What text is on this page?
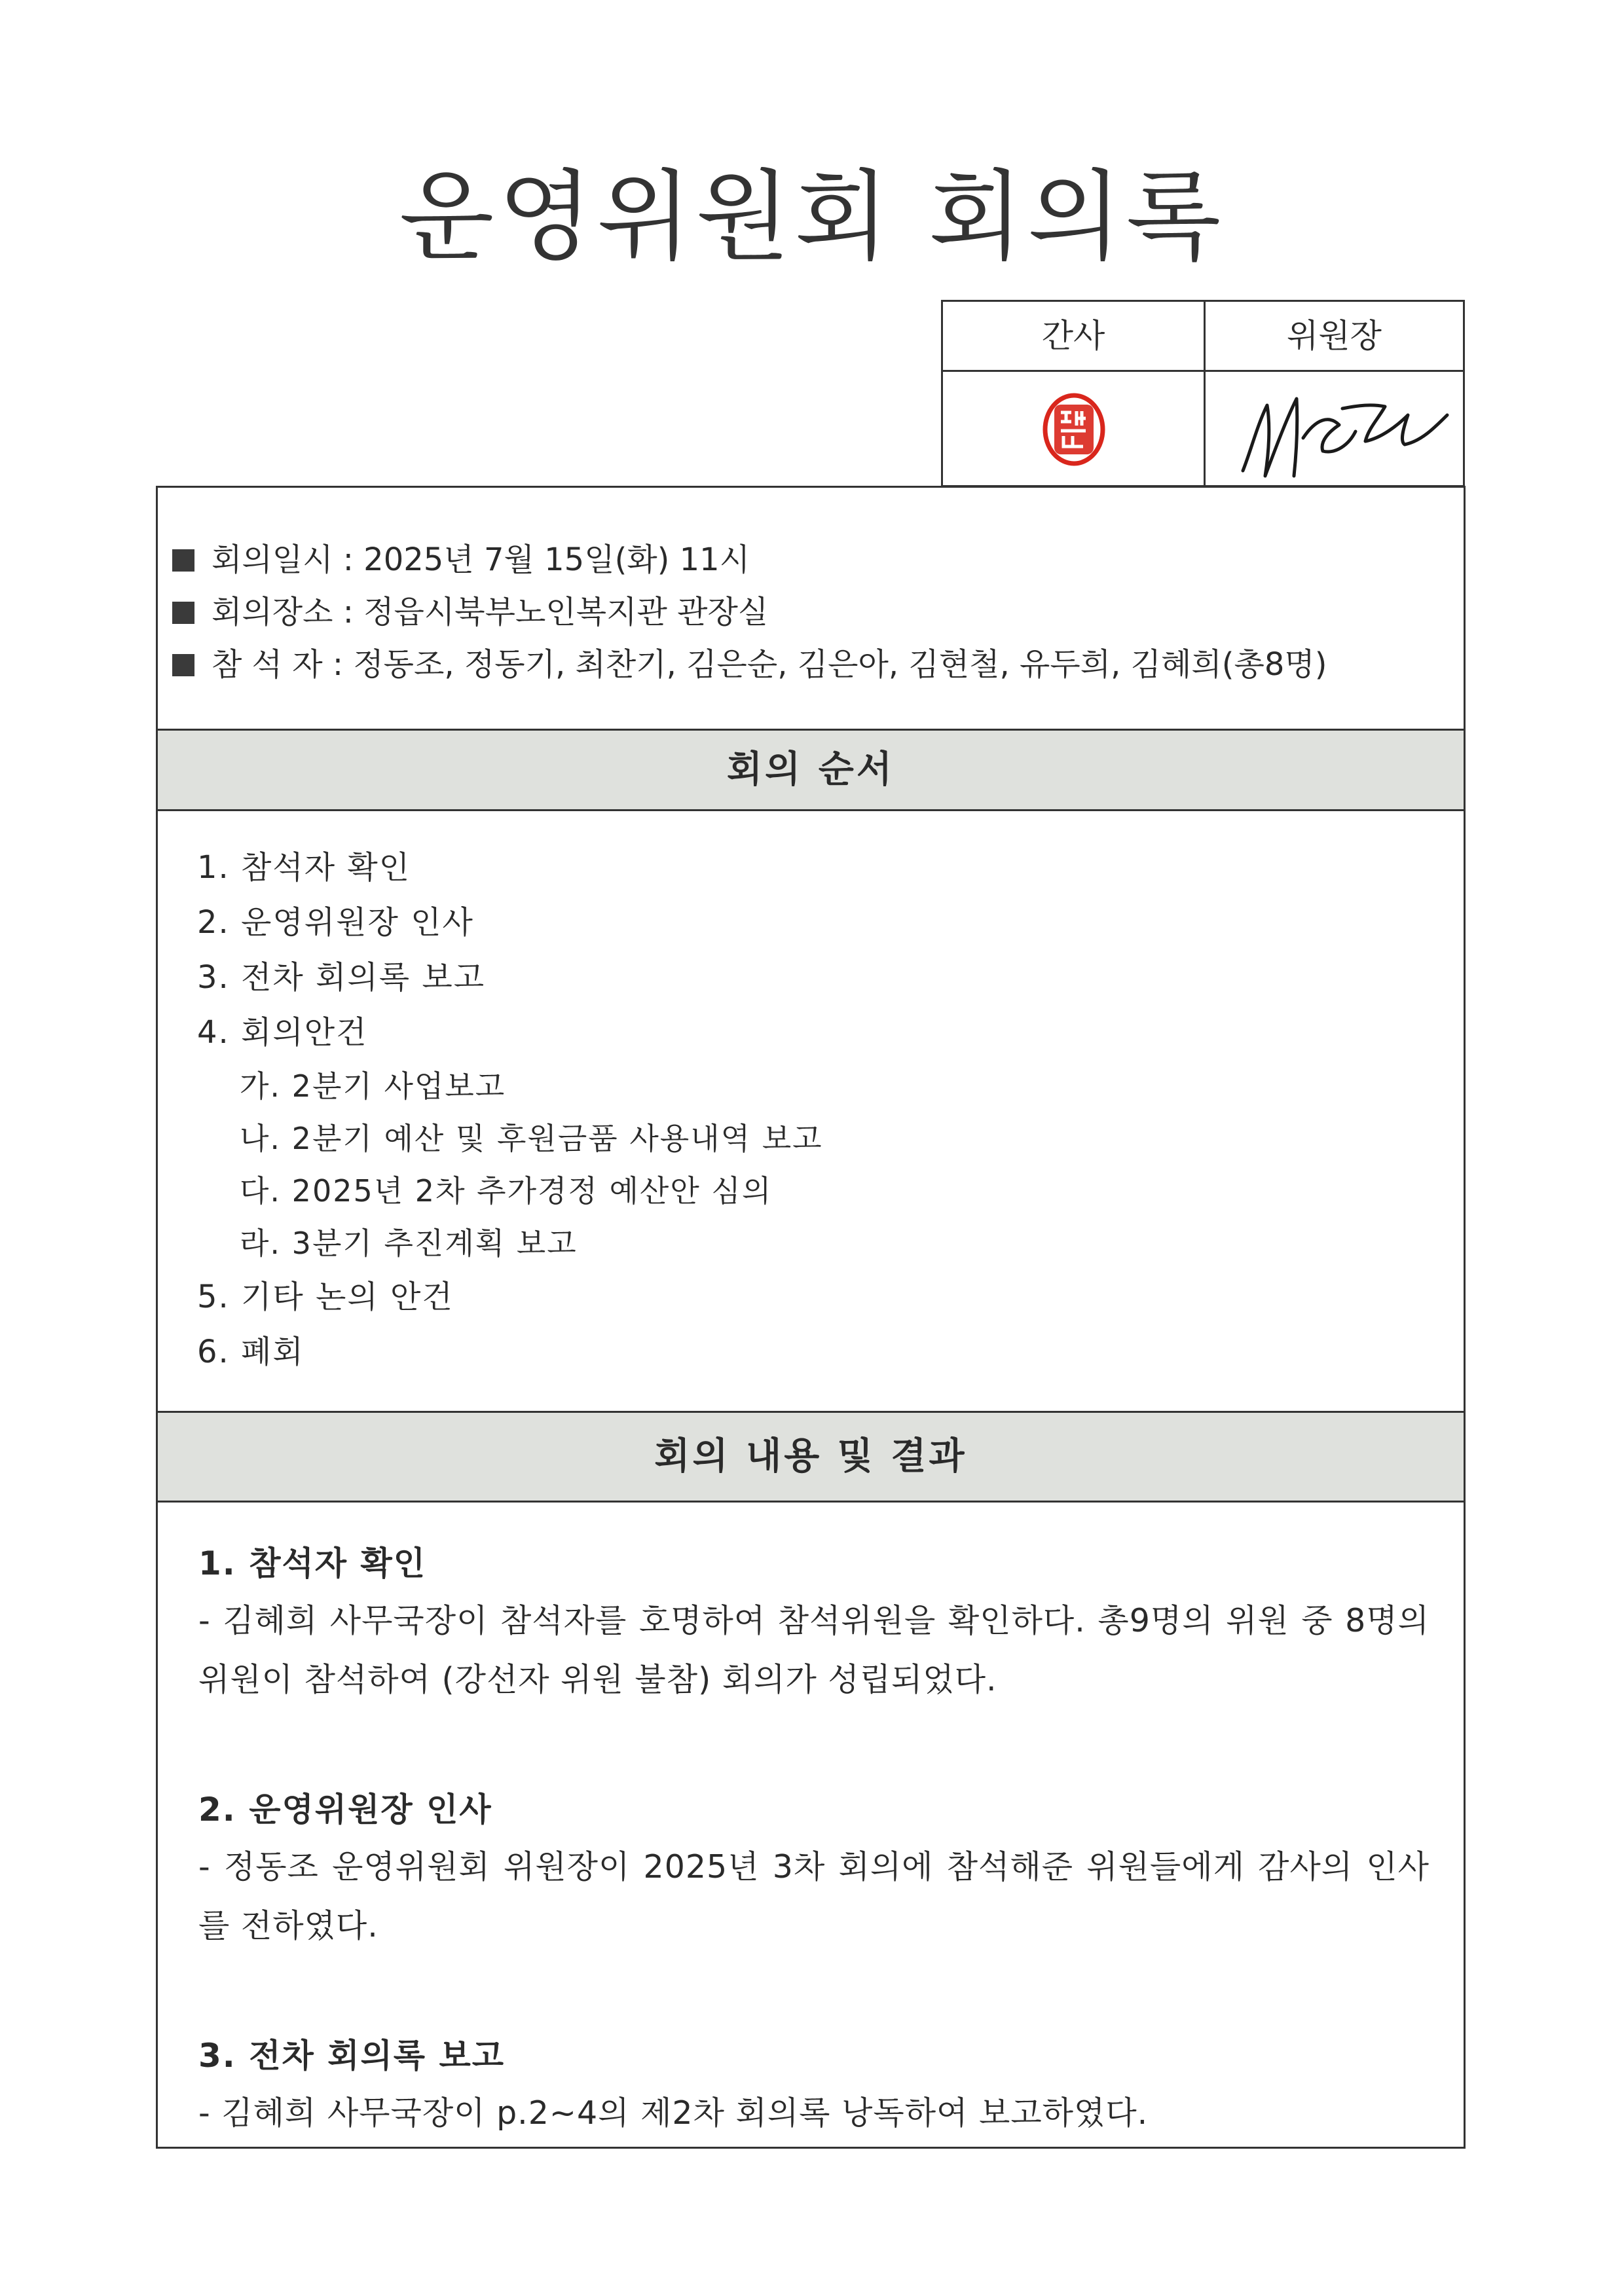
운영위원회 회의록
간사	위원장
회의일시 : 2025년 7월 15일(화) 11시
회의장소 : 정읍시북부노인복지관 관장실
참 석 자 : 정동조, 정동기, 최찬기, 김은순, 김은아, 김현철, 유두희, 김혜희(총8명)
회의 순서
1. 참석자 확인
2. 운영위원장 인사
3. 전차 회의록 보고
4. 회의안건
가. 2분기 사업보고
나. 2분기 예산 및 후원금품 사용내역 보고
다. 2025년 2차 추가경정 예산안 심의
라. 3분기 추진계획 보고
5. 기타 논의 안건
6. 폐회
회의 내용 및 결과
1. 참석자 확인
- 김혜희 사무국장이 참석자를 호명하여 참석위원을 확인하다. 총9명의 위원 중 8명의 위원이 참석하여 (강선자 위원 불참) 회의가 성립되었다.
2. 운영위원장 인사
- 정동조 운영위원회 위원장이 2025년 3차 회의에 참석해준 위원들에게 감사의 인사를 전하였다.
3. 전차 회의록 보고
- 김혜희 사무국장이 p.2~4의 제2차 회의록 낭독하여 보고하였다.
